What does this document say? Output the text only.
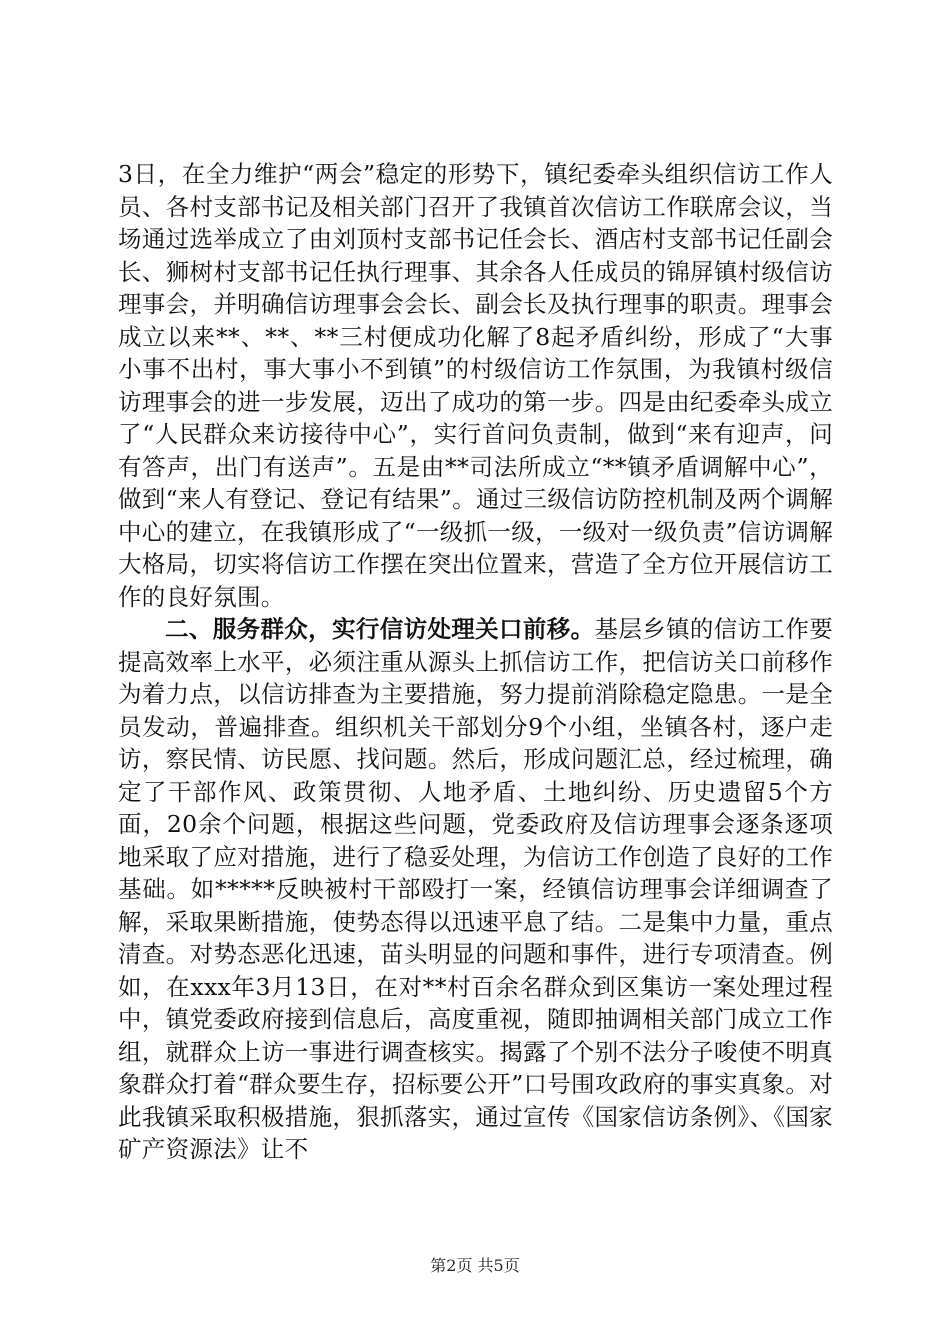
3日，在全力维护“两会”稳定的形势下，镇纪委牵头组织信访工作人员、各村支部书记及相关部门召开了我镇首次信访工作联席会议，当场通过选举成立了由刘顶村支部书记任会长、酒店村支部书记任副会长、狮树村支部书记任执行理事、其余各人任成员的锦屏镇村级信访理事会，并明确信访理事会会长、副会长及执行理事的职责。理事会成立以来**、**、**三村便成功化解了8起矛盾纠纷，形成了“大事小事不出村，事大事小不到镇”的村级信访工作氛围，为我镇村级信访理事会的进一步发展，迈出了成功的第一步。四是由纪委牵头成立了“人民群众来访接待中心”，实行首问负责制，做到“来有迎声，问有答声，出门有送声”。五是由**司法所成立“**镇矛盾调解中心”，做到“来人有登记、登记有结果”。通过三级信访防控机制及两个调解中心的建立，在我镇形成了“一级抓一级，一级对一级负责”信访调解大格局，切实将信访工作摆在突出位置来，营造了全方位开展信访工作的良好氛围。

二、服务群众，实行信访处理关口前移。基层乡镇的信访工作要提高效率上水平，必须注重从源头上抓信访工作，把信访关口前移作为着力点，以信访排查为主要措施，努力提前消除稳定隐患。一是全员发动，普遍排查。组织机关干部划分9个小组，坐镇各村，逐户走访，察民情、访民愿、找问题。然后，形成问题汇总，经过梳理，确定了干部作风、政策贯彻、人地矛盾、土地纠纷、历史遗留5个方面，20余个问题，根据这些问题，党委政府及信访理事会逐条逐项地采取了应对措施，进行了稳妥处理，为信访工作创造了良好的工作基础。如*****反映被村干部殴打一案，经镇信访理事会详细调查了解，采取果断措施，使势态得以迅速平息了结。二是集中力量，重点清查。对势态恶化迅速，苗头明显的问题和事件，进行专项清查。例如，在xxx年3月13日，在对**村百余名群众到区集访一案处理过程中，镇党委政府接到信息后，高度重视，随即抽调相关部门成立工作组，就群众上访一事进行调查核实。揭露了个别不法分子唆使不明真象群众打着“群众要生存，招标要公开”口号围攻政府的事实真象。对此我镇采取积极措施，狠抓落实，通过宣传《国家信访条例》、《国家矿产资源法》让不

第2页 共5页
